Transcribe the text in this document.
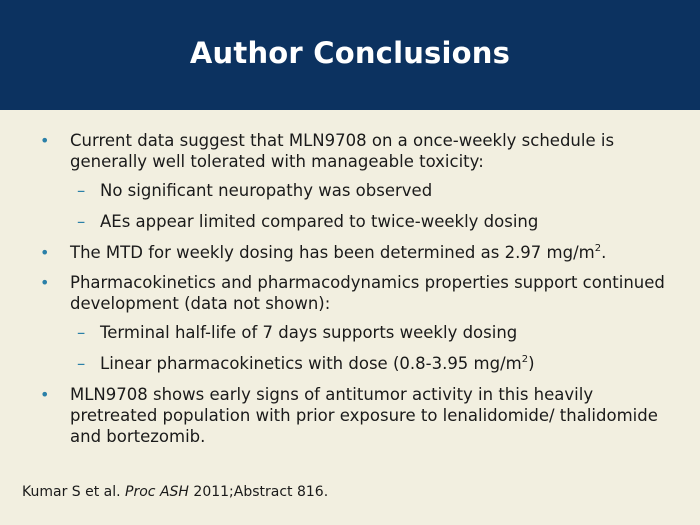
Author Conclusions
• Current data suggest that MLN9708 on a once-weekly schedule is generally well tolerated with manageable toxicity:
– No significant neuropathy was observed
– AEs appear limited compared to twice-weekly dosing
• The MTD for weekly dosing has been determined as 2.97 $mg/m^2$.
• Pharmacokinetics and pharmacodynamics properties support continued development (data not shown):
– Terminal half-life of 7 days supports weekly dosing
– Linear pharmacokinetics with dose (0.8-3.95 $mg/m^2$)
• MLN9708 shows early signs of antitumor activity in this heavily pretreated population with prior exposure to lenalidomide/ thalidomide and bortezomib.
Kumar S et al. Proc ASH 2011;Abstract 816.
